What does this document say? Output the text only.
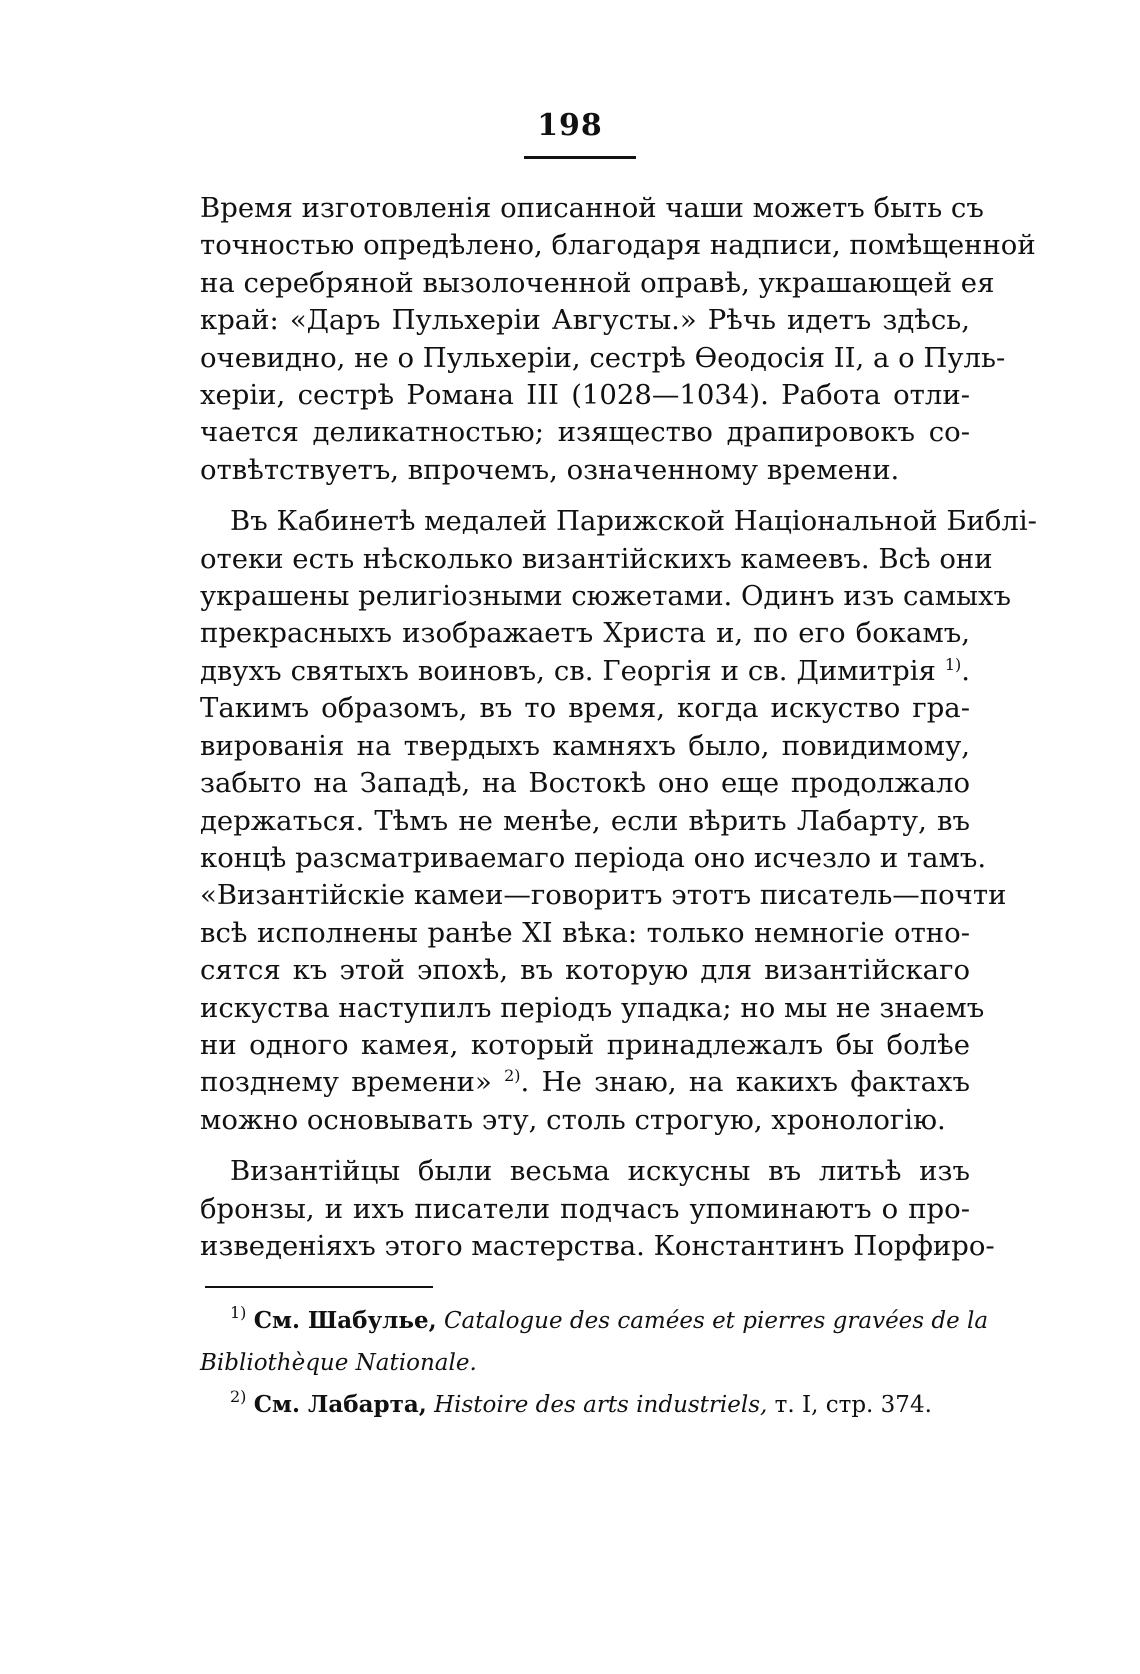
198
Время изготовленія описанной чаши можетъ быть съ
точностью опредѣлено, благодаря надписи, помѣщенной
на серебряной вызолоченной оправѣ, украшающей ея
край: «Даръ Пульхеріи Августы.» Рѣчь идетъ здѣсь,
очевидно, не о Пульхеріи, сестрѣ Өеодосія II, а о Пуль-
херіи, сестрѣ Романа III (1028—1034). Работа отли-
чается деликатностью; изящество драпировокъ со-
отвѣтствуетъ, впрочемъ, означенному времени.
Въ Кабинетѣ медалей Парижской Національной Библі-
отеки есть нѣсколько византійскихъ камеевъ. Всѣ они
украшены религіозными сюжетами. Одинъ изъ самыхъ
прекрасныхъ изображаетъ Христа и, по его бокамъ,
двухъ святыхъ воиновъ, св. Георгія и св. Димитрія $^{1)}$.
Такимъ образомъ, въ то время, когда искуство гра-
вированія на твердыхъ камняхъ было, повидимому,
забыто на Западѣ, на Востокѣ оно еще продолжало
держаться. Тѣмъ не менѣе, если вѣрить Лабарту, въ
концѣ разсматриваемаго періода оно исчезло и тамъ.
«Византійскіе камеи—говоритъ этотъ писатель—почти
всѣ исполнены ранѣе XI вѣка: только немногіе отно-
сятся къ этой эпохѣ, въ которую для византійскаго
искуства наступилъ періодъ упадка; но мы не знаемъ
ни одного камея, который принадлежалъ бы болѣе
позднему времени» $^{2)}$. Не знаю, на какихъ фактахъ
можно основывать эту, столь строгую, хронологію.
Византійцы были весьма искусны въ литьѣ изъ
бронзы, и ихъ писатели подчасъ упоминаютъ о про-
изведеніяхъ этого мастерства. Константинъ Порфиро-
$^{1)}$ См. Шабулье, Catalogue des camées et pierres gravées de la
Bibliothèque Nationale.
$^{2)}$ См. Лабарта, Histoire des arts industriels, т. I, стр. 374.
